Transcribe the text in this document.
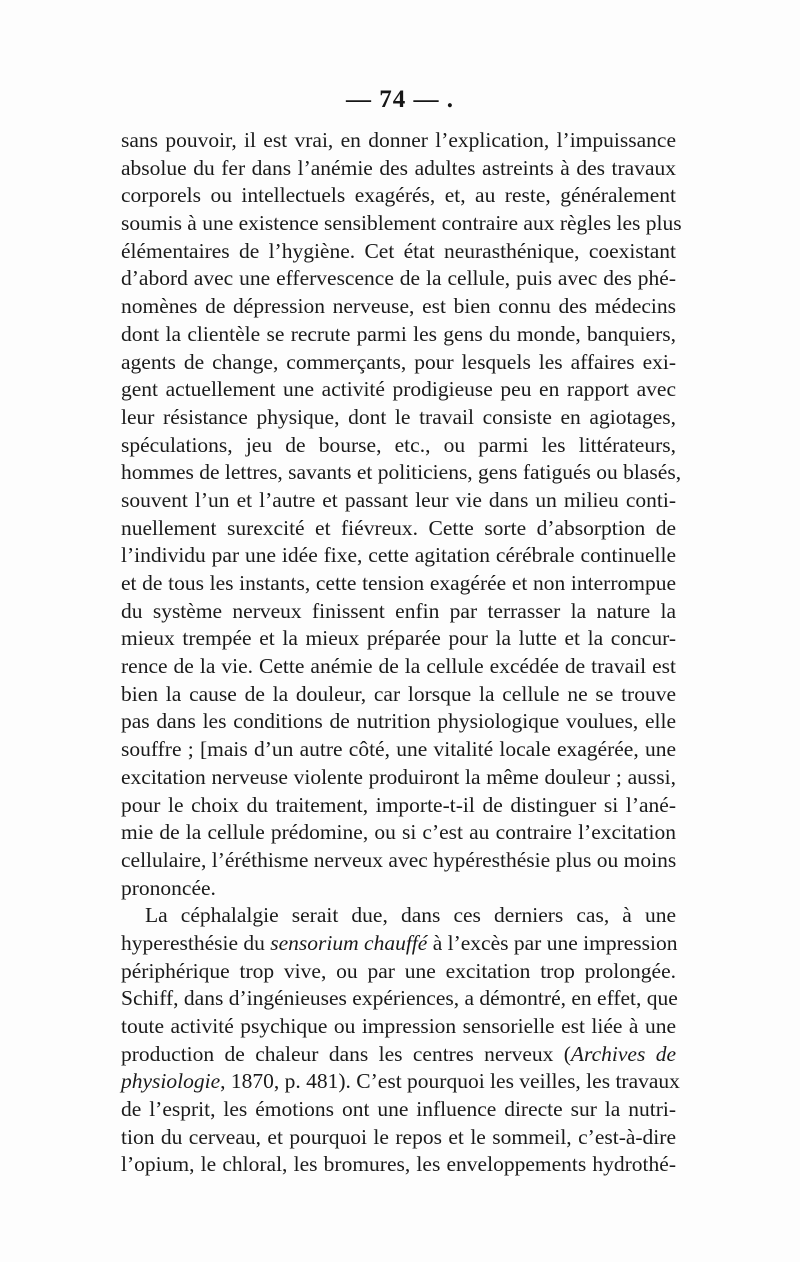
— 74 — .
sans pouvoir, il est vrai, en donner l’explication, l’impuissance
absolue du fer dans l’anémie des adultes astreints à des travaux
corporels ou intellectuels exagérés, et, au reste, généralement
soumis à une existence sensiblement contraire aux règles les plus
élémentaires de l’hygiène. Cet état neurasthénique, coexistant
d’abord avec une effervescence de la cellule, puis avec des phé-
nomènes de dépression nerveuse, est bien connu des médecins
dont la clientèle se recrute parmi les gens du monde, banquiers,
agents de change, commerçants, pour lesquels les affaires exi-
gent actuellement une activité prodigieuse peu en rapport avec
leur résistance physique, dont le travail consiste en agiotages,
spéculations, jeu de bourse, etc., ou parmi les littérateurs,
hommes de lettres, savants et politiciens, gens fatigués ou blasés,
souvent l’un et l’autre et passant leur vie dans un milieu conti-
nuellement surexcité et fiévreux. Cette sorte d’absorption de
l’individu par une idée fixe, cette agitation cérébrale continuelle
et de tous les instants, cette tension exagérée et non interrompue
du système nerveux finissent enfin par terrasser la nature la
mieux trempée et la mieux préparée pour la lutte et la concur-
rence de la vie. Cette anémie de la cellule excédée de travail est
bien la cause de la douleur, car lorsque la cellule ne se trouve
pas dans les conditions de nutrition physiologique voulues, elle
souffre ; [mais d’un autre côté, une vitalité locale exagérée, une
excitation nerveuse violente produiront la même douleur ; aussi,
pour le choix du traitement, importe-t-il de distinguer si l’ané-
mie de la cellule prédomine, ou si c’est au contraire l’excitation
cellulaire, l’éréthisme nerveux avec hypéresthésie plus ou moins
prononcée.
La céphalalgie serait due, dans ces derniers cas, à une
hyperesthésie du sensorium chauffé à l’excès par une impression
périphérique trop vive, ou par une excitation trop prolongée.
Schiff, dans d’ingénieuses expériences, a démontré, en effet, que
toute activité psychique ou impression sensorielle est liée à une
production de chaleur dans les centres nerveux (Archives de
physiologie, 1870, p. 481). C’est pourquoi les veilles, les travaux
de l’esprit, les émotions ont une influence directe sur la nutri-
tion du cerveau, et pourquoi le repos et le sommeil, c’est-à-dire
l’opium, le chloral, les bromures, les enveloppements hydrothé-
